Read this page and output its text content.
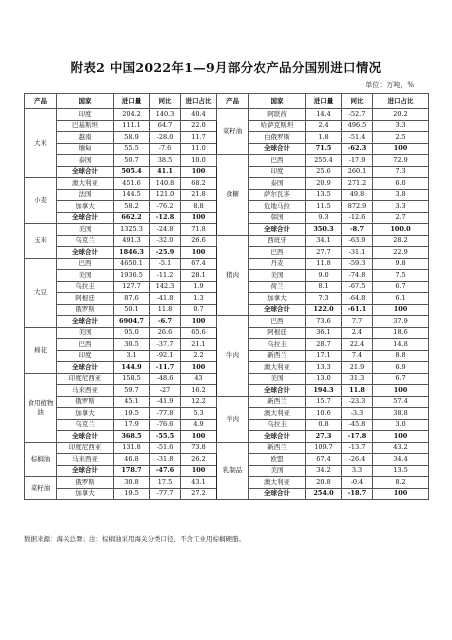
附表2 中国2022年1—9月部分农产品分国别进口情况
单位：万吨，%
产品	国家	进口量	同比	进口占比	产品	国家	进口量	同比	进口占比
大米	印度	204.2	140.3	40.4	菜籽油	阿联酋	14.4	-52.7	20.2
	巴基斯坦	111.1	64.7	22.0		哈萨克斯坦	2.4	496.5	3.3
	越南	58.9	-28.0	11.7		白俄罗斯	1.8	-51.4	2.5
	缅甸	55.5	-7.6	11.0		全球合计	71.5	-62.3	100
	泰国	50.7	38.5	10.0	食糖	巴西	255.4	-17.9	72.9
	全球合计	505.4	41.1	100		印度	25.6	260.1	7.3
小麦	澳大利亚	451.6	140.8	68.2		泰国	20.9	271.2	6.0
	法国	144.5	121.0	21.8		萨尔瓦多	13.5	49.8	3.8
	加拿大	58.2	-76.2	8.8		危地马拉	11.5	872.9	3.3
	全球合计	662.2	-12.8	100		韩国	9.3	-12.6	2.7
玉米	美国	1325.3	-24.8	71.8		全球合计	350.3	-8.7	100.0
	乌克兰	491.3	-32.0	26.6	猪肉	西班牙	34.1	-63.9	28.2
	全球合计	1846.3	-25.9	100		巴西	27.7	-31.1	22.9
大豆	巴西	4650.1	-5.1	67.4		丹麦	11.8	-59.3	9.8
	美国	1936.5	-11.2	28.1		美国	9.0	-74.8	7.5
	乌拉圭	127.7	142.3	1.9		荷兰	8.1	-67.5	6.7
	阿根廷	87.6	-41.8	1.3		加拿大	7.3	-64.8	6.1
	俄罗斯	50.1	11.8	0.7		全球合计	122.0	-61.1	100
	全球合计	6904.7	-6.7	100	牛肉	巴西	73.6	7.7	37.9
棉花	美国	95.0	26.6	65.6		阿根廷	36.1	2.4	18.6
	巴西	30.5	-37.7	21.1		乌拉圭	28.7	22.4	14.8
	印度	3.1	-92.1	2.2		新西兰	17.1	7.4	8.8
	全球合计	144.9	-11.7	100		澳大利亚	13.3	21.9	6.9
食用植物油	印度尼西亚	158.5	-48.6	43		美国	13.0	31.3	6.7
	马来西亚	59.7	-27	16.2		全球合计	194.3	11.8	100
	俄罗斯	45.1	-41.9	12.2	羊肉	新西兰	15.7	-23.3	57.4
	加拿大	19.5	-77.8	5.3		澳大利亚	10.6	-3.3	38.8
	乌克兰	17.9	-76.6	4.9		乌拉圭	0.8	-45.8	3.0
	全球合计	368.5	-55.5	100		全球合计	27.3	-17.8	100
棕榈油	印度尼西亚	131.8	-51.6	73.8	乳制品	新西兰	109.7	-13.7	43.2
	马来西亚	46.8	-31.8	26.2		欧盟	67.4	-26.4	34.4
	全球合计	178.7	-47.6	100		美国	34.2	3.3	13.5
菜籽油	俄罗斯	30.8	17.5	43.1		澳大利亚	20.8	-0.4	8.2
	加拿大	19.5	-77.7	27.2		全球合计	254.0	-18.7	100
数据来源：海关总署；注：棕榈油采用海关分类口径，不含工业用棕榈硬脂。
